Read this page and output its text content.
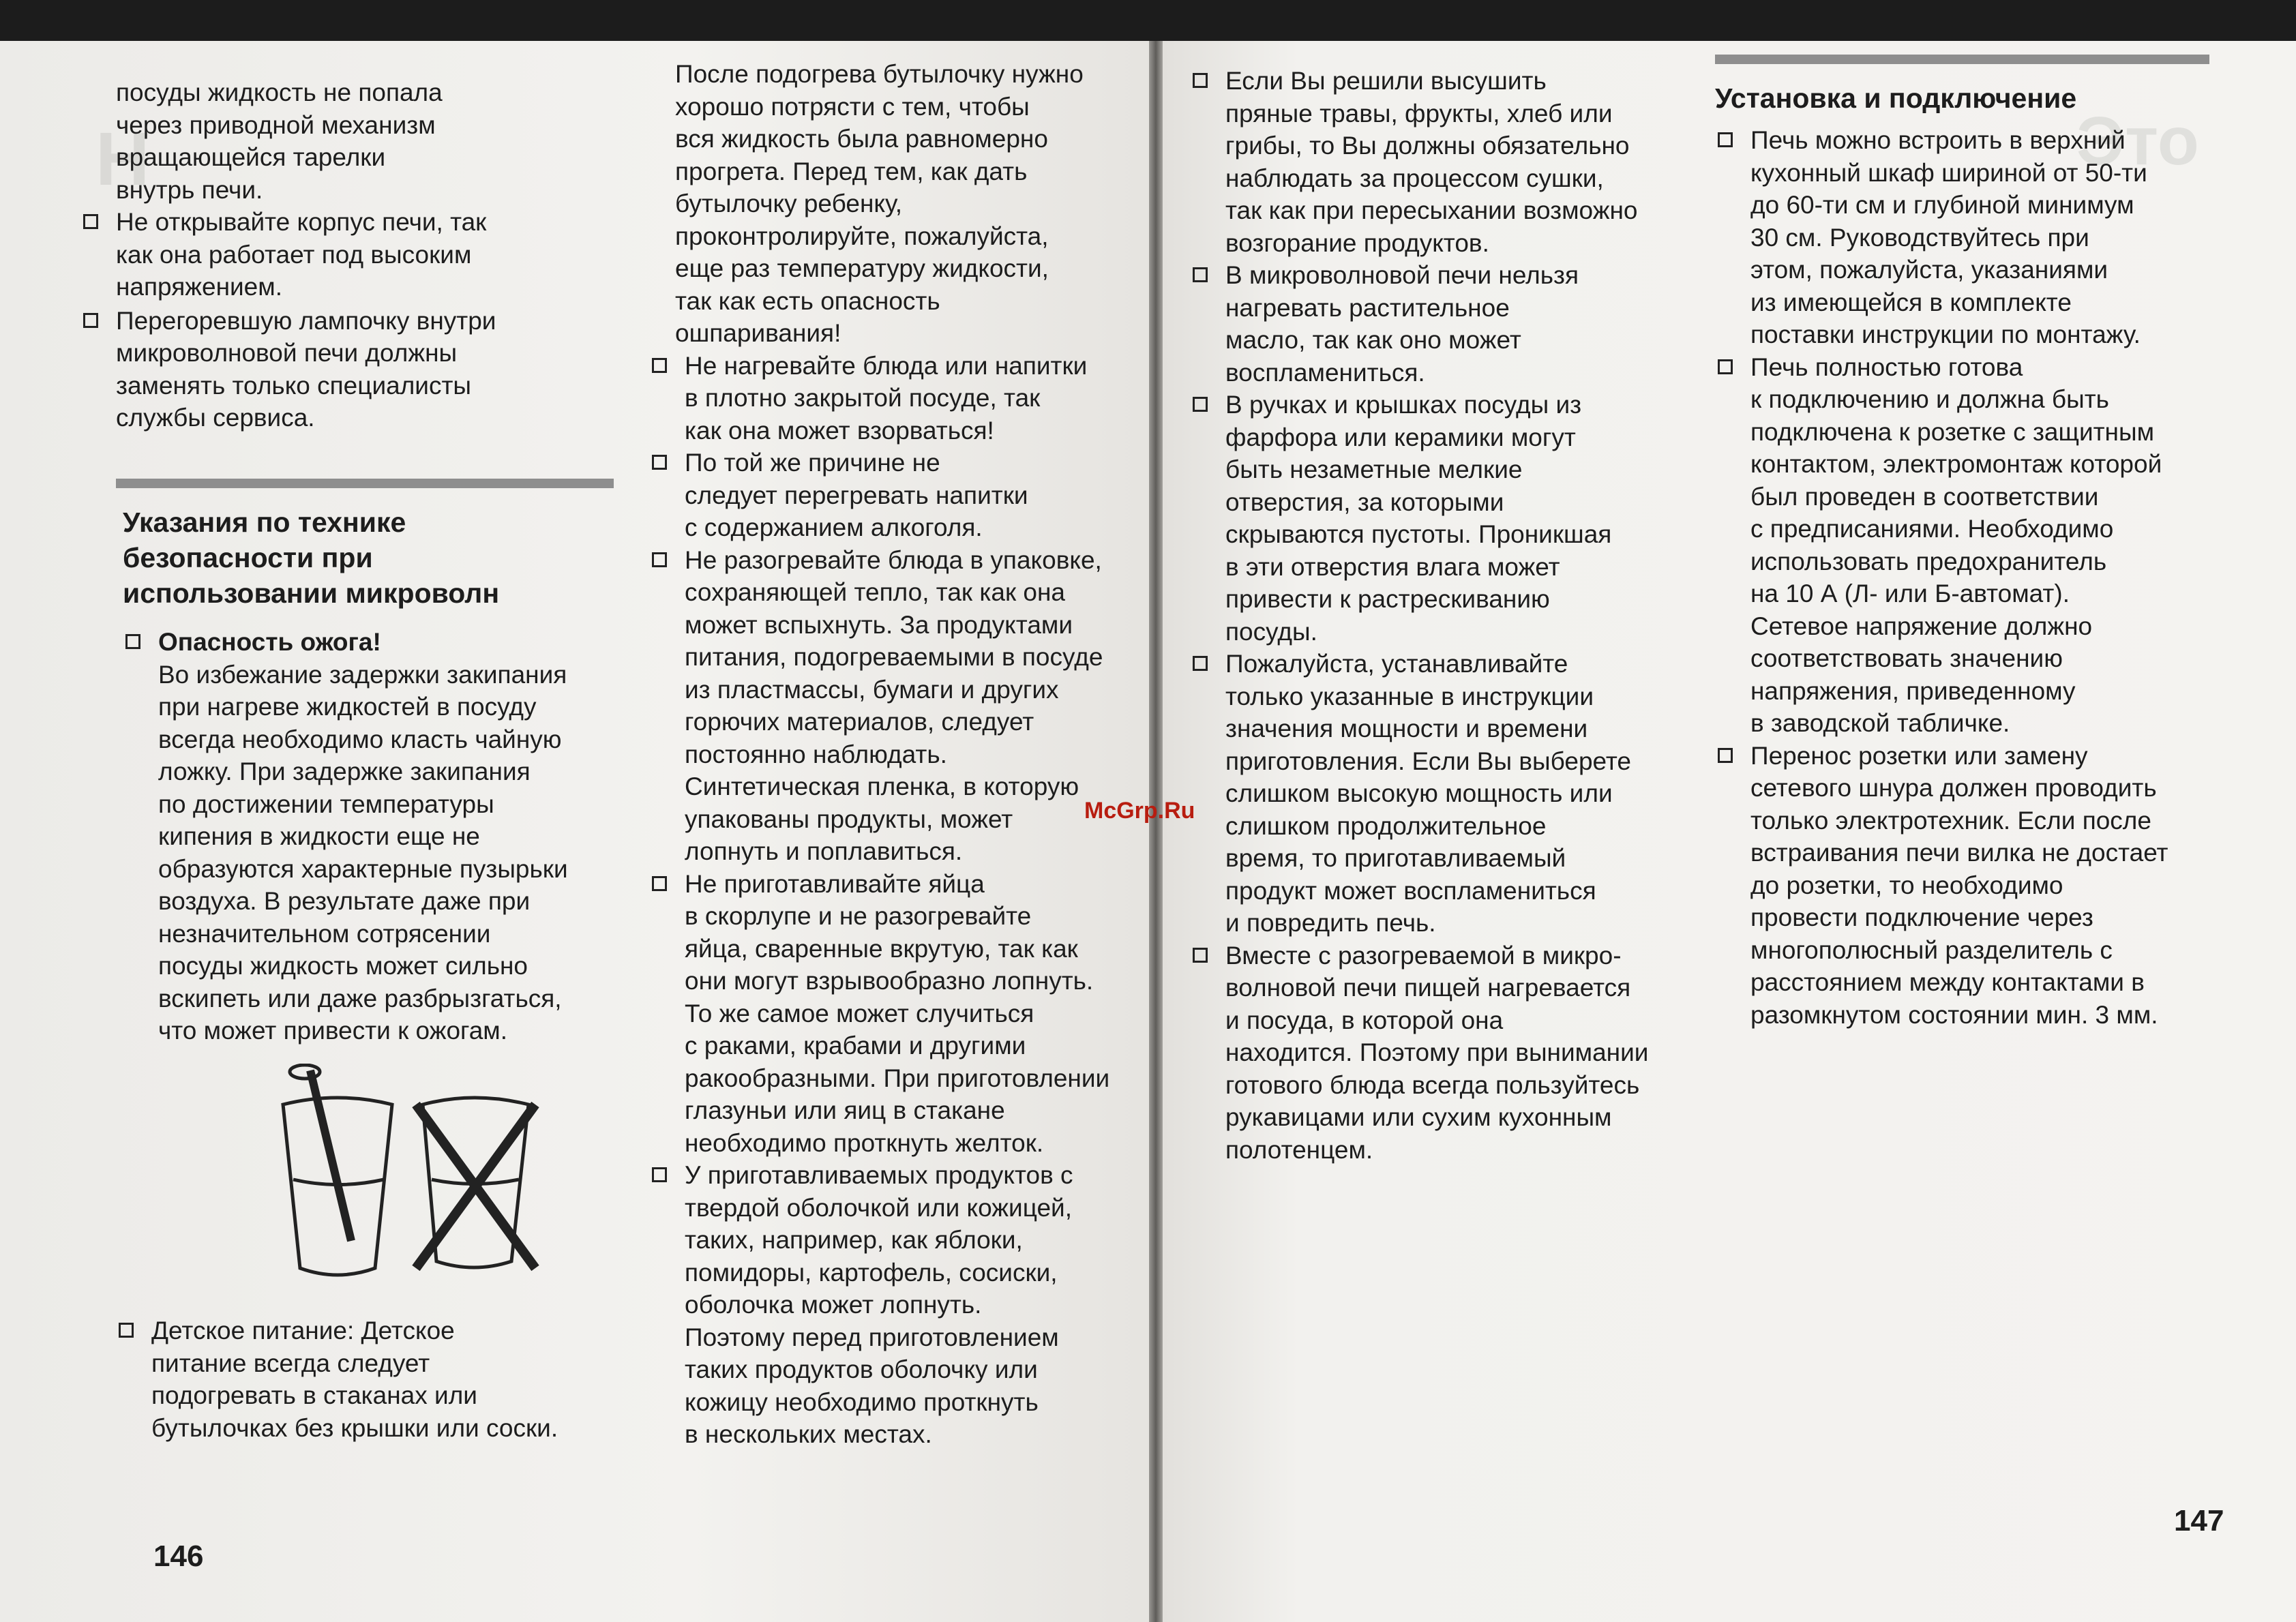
H	Это

посуды жидкость не попала

через приводной механизм

вращающейся тарелки

внутрь печи.

Не открывайте корпус печи, так

как она работает под высоким

напряжением.

Перегоревшую лампочку внутри

микроволновой печи должны

заменять только специалисты

службы сервиса.

Указания по технике

безопасности при

использовании микроволн

Опасность ожога!

Во избежание задержки закипания

при нагреве жидкостей в посуду

всегда необходимо класть чайную

ложку. При задержке закипания

по достижении температуры

кипения в жидкости еще не

образуются характерные пузырьки

воздуха. В результате даже при

незначительном сотрясении

посуды жидкость может сильно

вскипеть или даже разбрызгаться,

что может привести к ожогам.

Детское питание: Детское

питание всегда следует

подогревать в стаканах или

бутылочках без крышки или соски.

146

После подогрева бутылочку нужно

хорошо потрясти с тем, чтобы

вся жидкость была равномерно

прогрета. Перед тем, как дать

бутылочку ребенку,

проконтролируйте, пожалуйста,

еще раз температуру жидкости,

так как есть опасность

ошпаривания!

Не нагревайте блюда или напитки

в плотно закрытой посуде, так

как она может взорваться!

По той же причине не

следует перегревать напитки

с содержанием алкоголя.

Не разогревайте блюда в упаковке,

сохраняющей тепло, так как она

может вспыхнуть. За продуктами

питания, подогреваемыми в посуде

из пластмассы, бумаги и других

горючих материалов, следует

постоянно наблюдать.

Синтетическая пленка, в которую

упакованы продукты, может

лопнуть и поплавиться.

Не приготавливайте яйца

в скорлупе и не разогревайте

яйца, сваренные вкрутую, так как

они могут взрывообразно лопнуть.

То же самое может случиться

с раками, крабами и другими

ракообразными. При приготовлении

глазуньи или яиц в стакане

необходимо проткнуть желток.

У приготавливаемых продуктов с

твердой оболочкой или кожицей,

таких, например, как яблоки,

помидоры, картофель, сосиски,

оболочка может лопнуть.

Поэтому перед приготовлением

таких продуктов оболочку или

кожицу необходимо проткнуть

в нескольких местах.

McGrp.Ru

Если Вы решили высушить

пряные травы, фрукты, хлеб или

грибы, то Вы должны обязательно

наблюдать за процессом сушки,

так как при пересыхании возможно

возгорание продуктов.

В микроволновой печи нельзя

нагревать растительное

масло, так как оно может

воспламениться.

В ручках и крышках посуды из

фарфора или керамики могут

быть незаметные мелкие

отверстия, за которыми

скрываются пустоты. Проникшая

в эти отверстия влага может

привести к растрескиванию

посуды.

Пожалуйста, устанавливайте

только указанные в инструкции

значения мощности и времени

приготовления. Если Вы выберете

слишком высокую мощность или

слишком продолжительное

время, то приготавливаемый

продукт может воспламениться

и повредить печь.

Вместе с разогреваемой в микро-

волновой печи пищей нагревается

и посуда, в которой она

находится. Поэтому при вынимании

готового блюда всегда пользуйтесь

рукавицами или сухим кухонным

полотенцем.

Установка и подключение

Печь можно встроить в верхний

кухонный шкаф шириной от 50-ти

до 60-ти см и глубиной минимум

30 см. Руководствуйтесь при

этом, пожалуйста, указаниями

из имеющейся в комплекте

поставки инструкции по монтажу.

Печь полностью готова

к подключению и должна быть

подключена к розетке с защитным

контактом, электромонтаж которой

был проведен в соответствии

с предписаниями. Необходимо

использовать предохранитель

на 10 А (Л- или Б-автомат).

Сетевое напряжение должно

соответствовать значению

напряжения, приведенному

в заводской табличке.

Перенос розетки или замену

сетевого шнура должен проводить

только электротехник. Если после

встраивания печи вилка не достает

до розетки, то необходимо

провести подключение через

многополюсный разделитель с

расстоянием между контактами в

разомкнутом состоянии мин. 3 мм.

147
